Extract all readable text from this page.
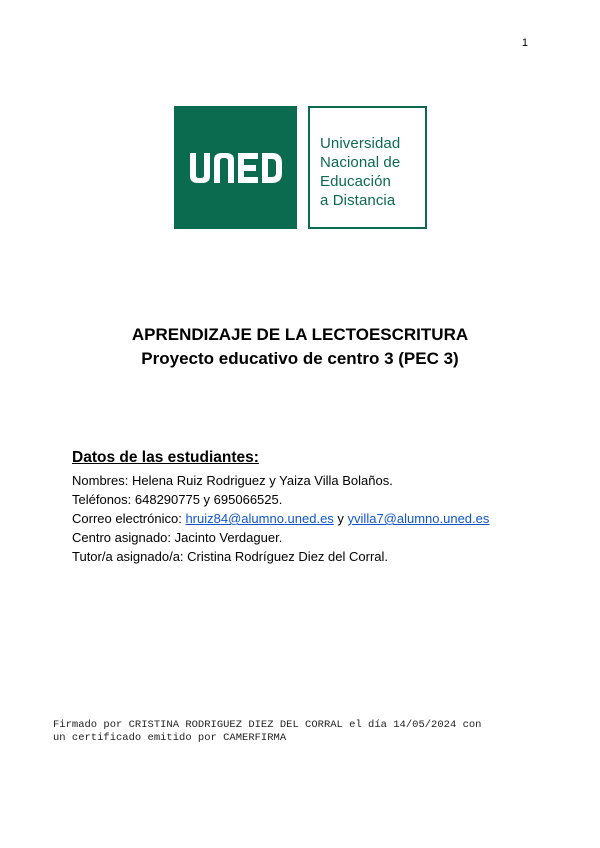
1
Universidad
Nacional de
Educación
a Distancia
APRENDIZAJE DE LA LECTOESCRITURA
Proyecto educativo de centro 3 (PEC 3)
Datos de las estudiantes:
Nombres: Helena Ruiz Rodriguez y Yaiza Villa Bolaños.
Teléfonos: 648290775 y 695066525.
Correo electrónico: hruiz84@alumno.uned.es y yvilla7@alumno.uned.es
Centro asignado: Jacinto Verdaguer.
Tutor/a asignado/a: Cristina Rodríguez Diez del Corral.
Firmado por CRISTINA RODRIGUEZ DIEZ DEL CORRAL el día 14/05/2024 con
un certificado emitido por CAMERFIRMA
